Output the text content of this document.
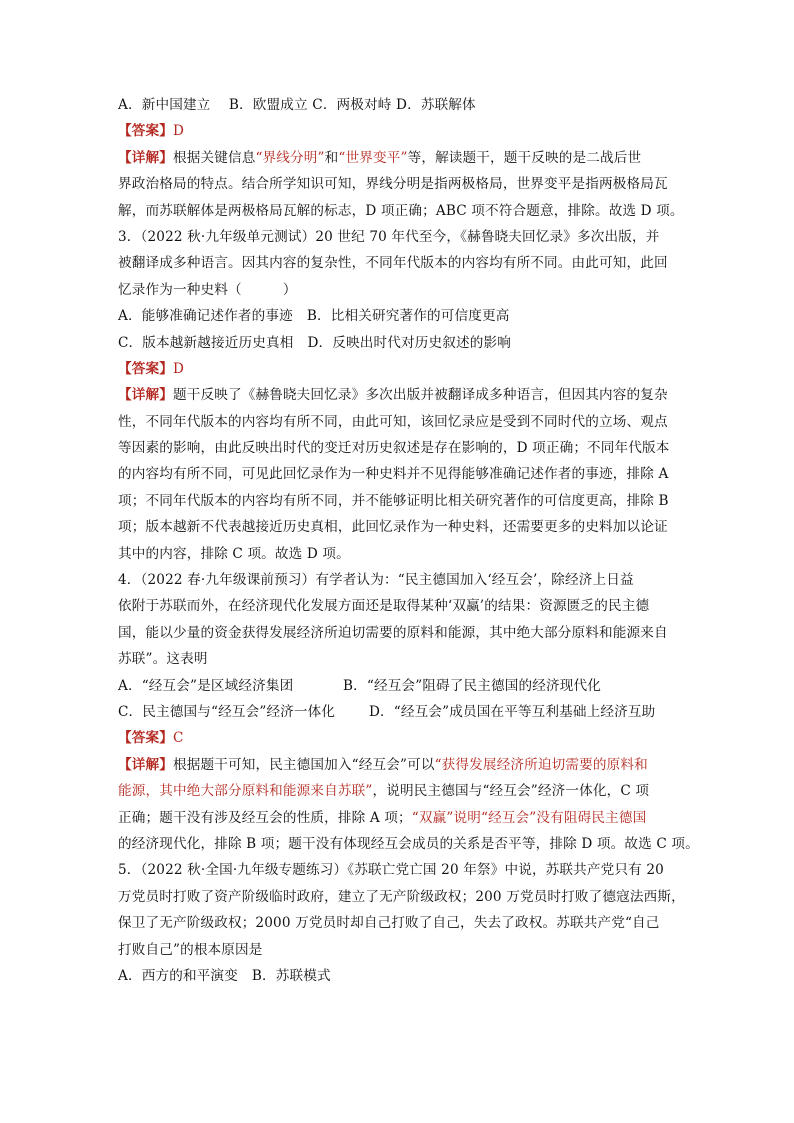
A．新中国建立 B．欧盟成立 C．两极对峙 D．苏联解体
【答案】D
【详解】根据关键信息“界线分明”和“世界变平”等，解读题干，题干反映的是二战后世
界政治格局的特点。结合所学知识可知，界线分明是指两极格局，世界变平是指两极格局瓦
解，而苏联解体是两极格局瓦解的标志，D 项正确；ABC 项不符合题意，排除。故选 D 项。
3．（2022 秋·九年级单元测试）20 世纪 70 年代至今，《赫鲁晓夫回忆录》多次出版，并
被翻译成多种语言。因其内容的复杂性，不同年代版本的内容均有所不同。由此可知，此回
忆录作为一种史料（　　　）
A．能够准确记述作者的事迹 B．比相关研究著作的可信度更高
C．版本越新越接近历史真相 D．反映出时代对历史叙述的影响
【答案】D
【详解】题干反映了《赫鲁晓夫回忆录》多次出版并被翻译成多种语言，但因其内容的复杂
性，不同年代版本的内容均有所不同，由此可知，该回忆录应是受到不同时代的立场、观点
等因素的影响，由此反映出时代的变迁对历史叙述是存在影响的，D 项正确；不同年代版本
的内容均有所不同，可见此回忆录作为一种史料并不见得能够准确记述作者的事迹，排除 A
项；不同年代版本的内容均有所不同，并不能够证明比相关研究著作的可信度更高，排除 B
项；版本越新不代表越接近历史真相，此回忆录作为一种史料，还需要更多的史料加以论证
其中的内容，排除 C 项。故选 D 项。
4．（2022 春·九年级课前预习）有学者认为：“民主德国加入‘经互会’，除经济上日益
依附于苏联而外，在经济现代化发展方面还是取得某种‘双赢’的结果：资源匮乏的民主德
国，能以少量的资金获得发展经济所迫切需要的原料和能源，其中绝大部分原料和能源来自
苏联”。这表明
A．“经互会”是区域经济集团	B．“经互会”阻碍了民主德国的经济现代化
C．民主德国与“经互会”经济一体化 D．“经互会”成员国在平等互利基础上经济互助
【答案】C
【详解】根据题干可知，民主德国加入“经互会”可以“获得发展经济所迫切需要的原料和
能源，其中绝大部分原料和能源来自苏联”，说明民主德国与“经互会”经济一体化，C 项
正确；题干没有涉及经互会的性质，排除 A 项；“双赢”说明“经互会”没有阻碍民主德国
的经济现代化，排除 B 项；题干没有体现经互会成员的关系是否平等，排除 D 项。故选 C 项。
5．（2022 秋·全国·九年级专题练习）《苏联亡党亡国 20 年祭》中说，苏联共产党只有 20
万党员时打败了资产阶级临时政府，建立了无产阶级政权；200 万党员时打败了德寇法西斯，
保卫了无产阶级政权；2000 万党员时却自己打败了自己，失去了政权。苏联共产党“自己
打败自己”的根本原因是
A．西方的和平演变 B．苏联模式
